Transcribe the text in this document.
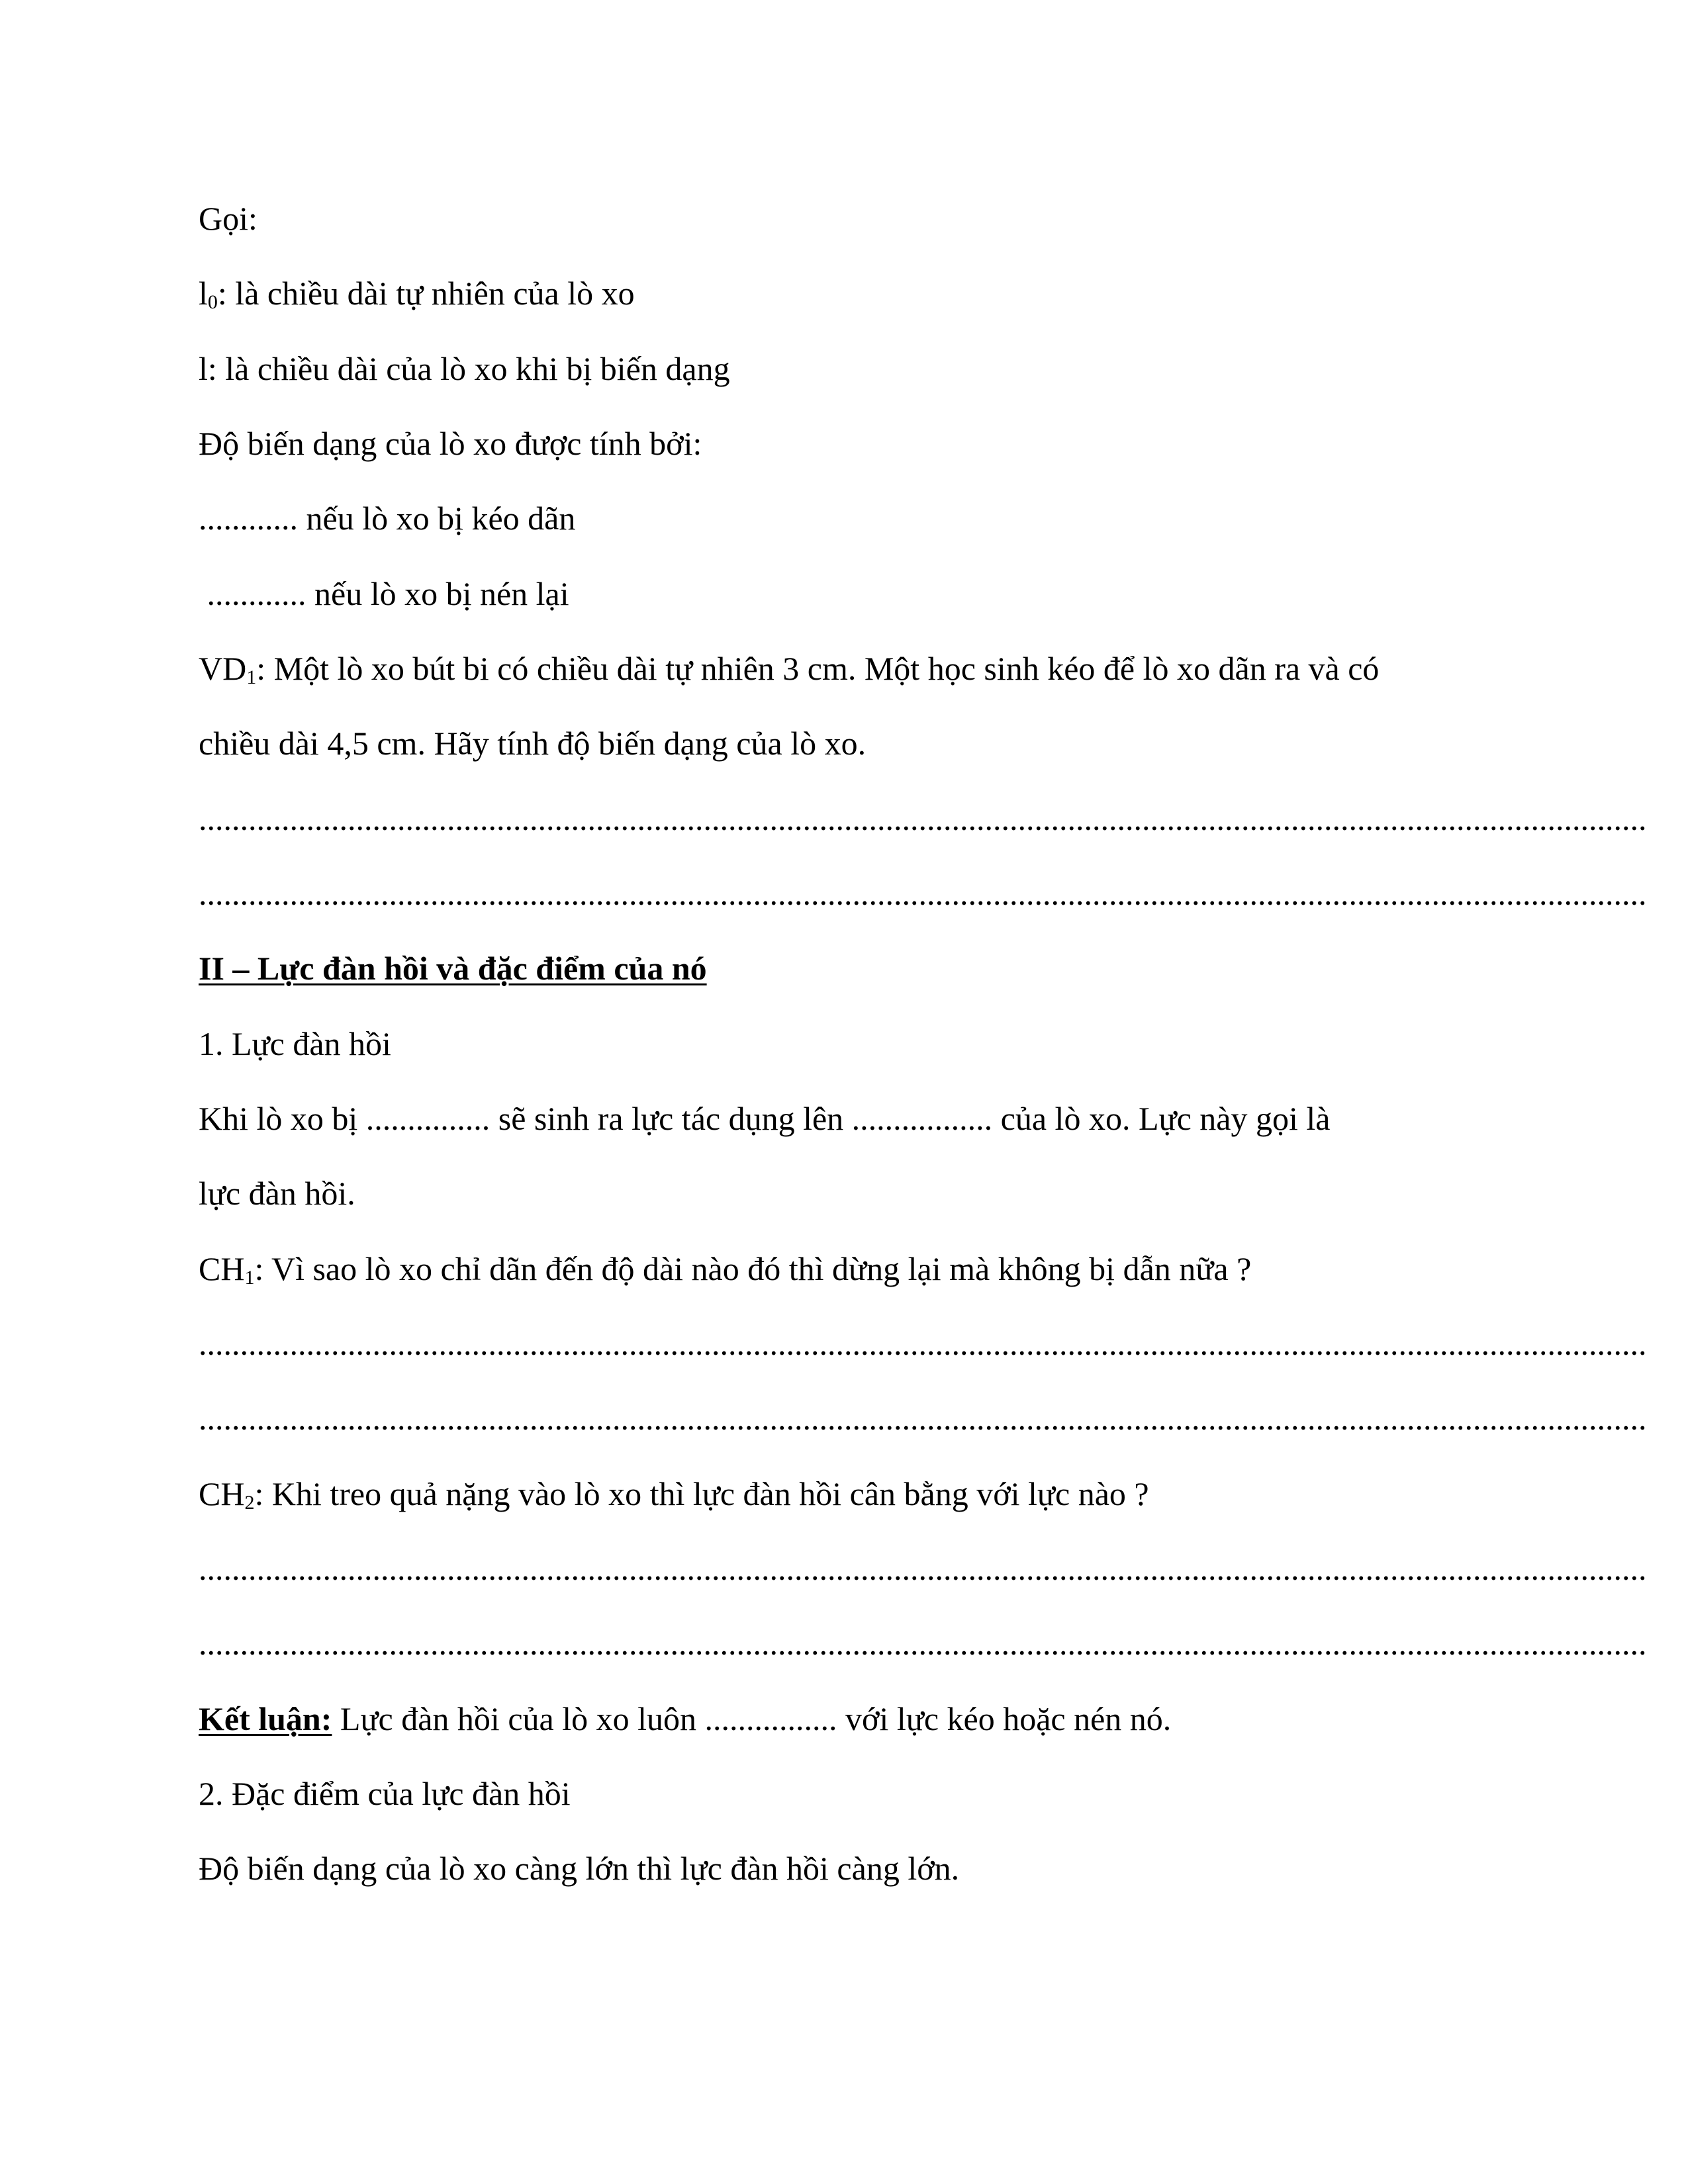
Gọi:
$l_0$: là chiều dài tự nhiên của lò xo
l: là chiều dài của lò xo khi bị biến dạng
Độ biến dạng của lò xo được tính bởi:
............ nếu lò xo bị kéo dãn
............ nếu lò xo bị nén lại
$VD_1$: Một lò xo bút bi có chiều dài tự nhiên 3 cm. Một học sinh kéo để lò xo dãn ra và có
chiều dài 4,5 cm. Hãy tính độ biến dạng của lò xo.
...............................................................................................................................................................................
...............................................................................................................................................................................
II – Lực đàn hồi và đặc điểm của nó
1. Lực đàn hồi
Khi lò xo bị ............... sẽ sinh ra lực tác dụng lên ................. của lò xo. Lực này gọi là
lực đàn hồi.
$CH_1$: Vì sao lò xo chỉ dãn đến độ dài nào đó thì dừng lại mà không bị dẫn nữa ?
...............................................................................................................................................................................
...............................................................................................................................................................................
$CH_2$: Khi treo quả nặng vào lò xo thì lực đàn hồi cân bằng với lực nào ?
...............................................................................................................................................................................
...............................................................................................................................................................................
Kết luận: Lực đàn hồi của lò xo luôn ................ với lực kéo hoặc nén nó.
2. Đặc điểm của lực đàn hồi
Độ biến dạng của lò xo càng lớn thì lực đàn hồi càng lớn.
